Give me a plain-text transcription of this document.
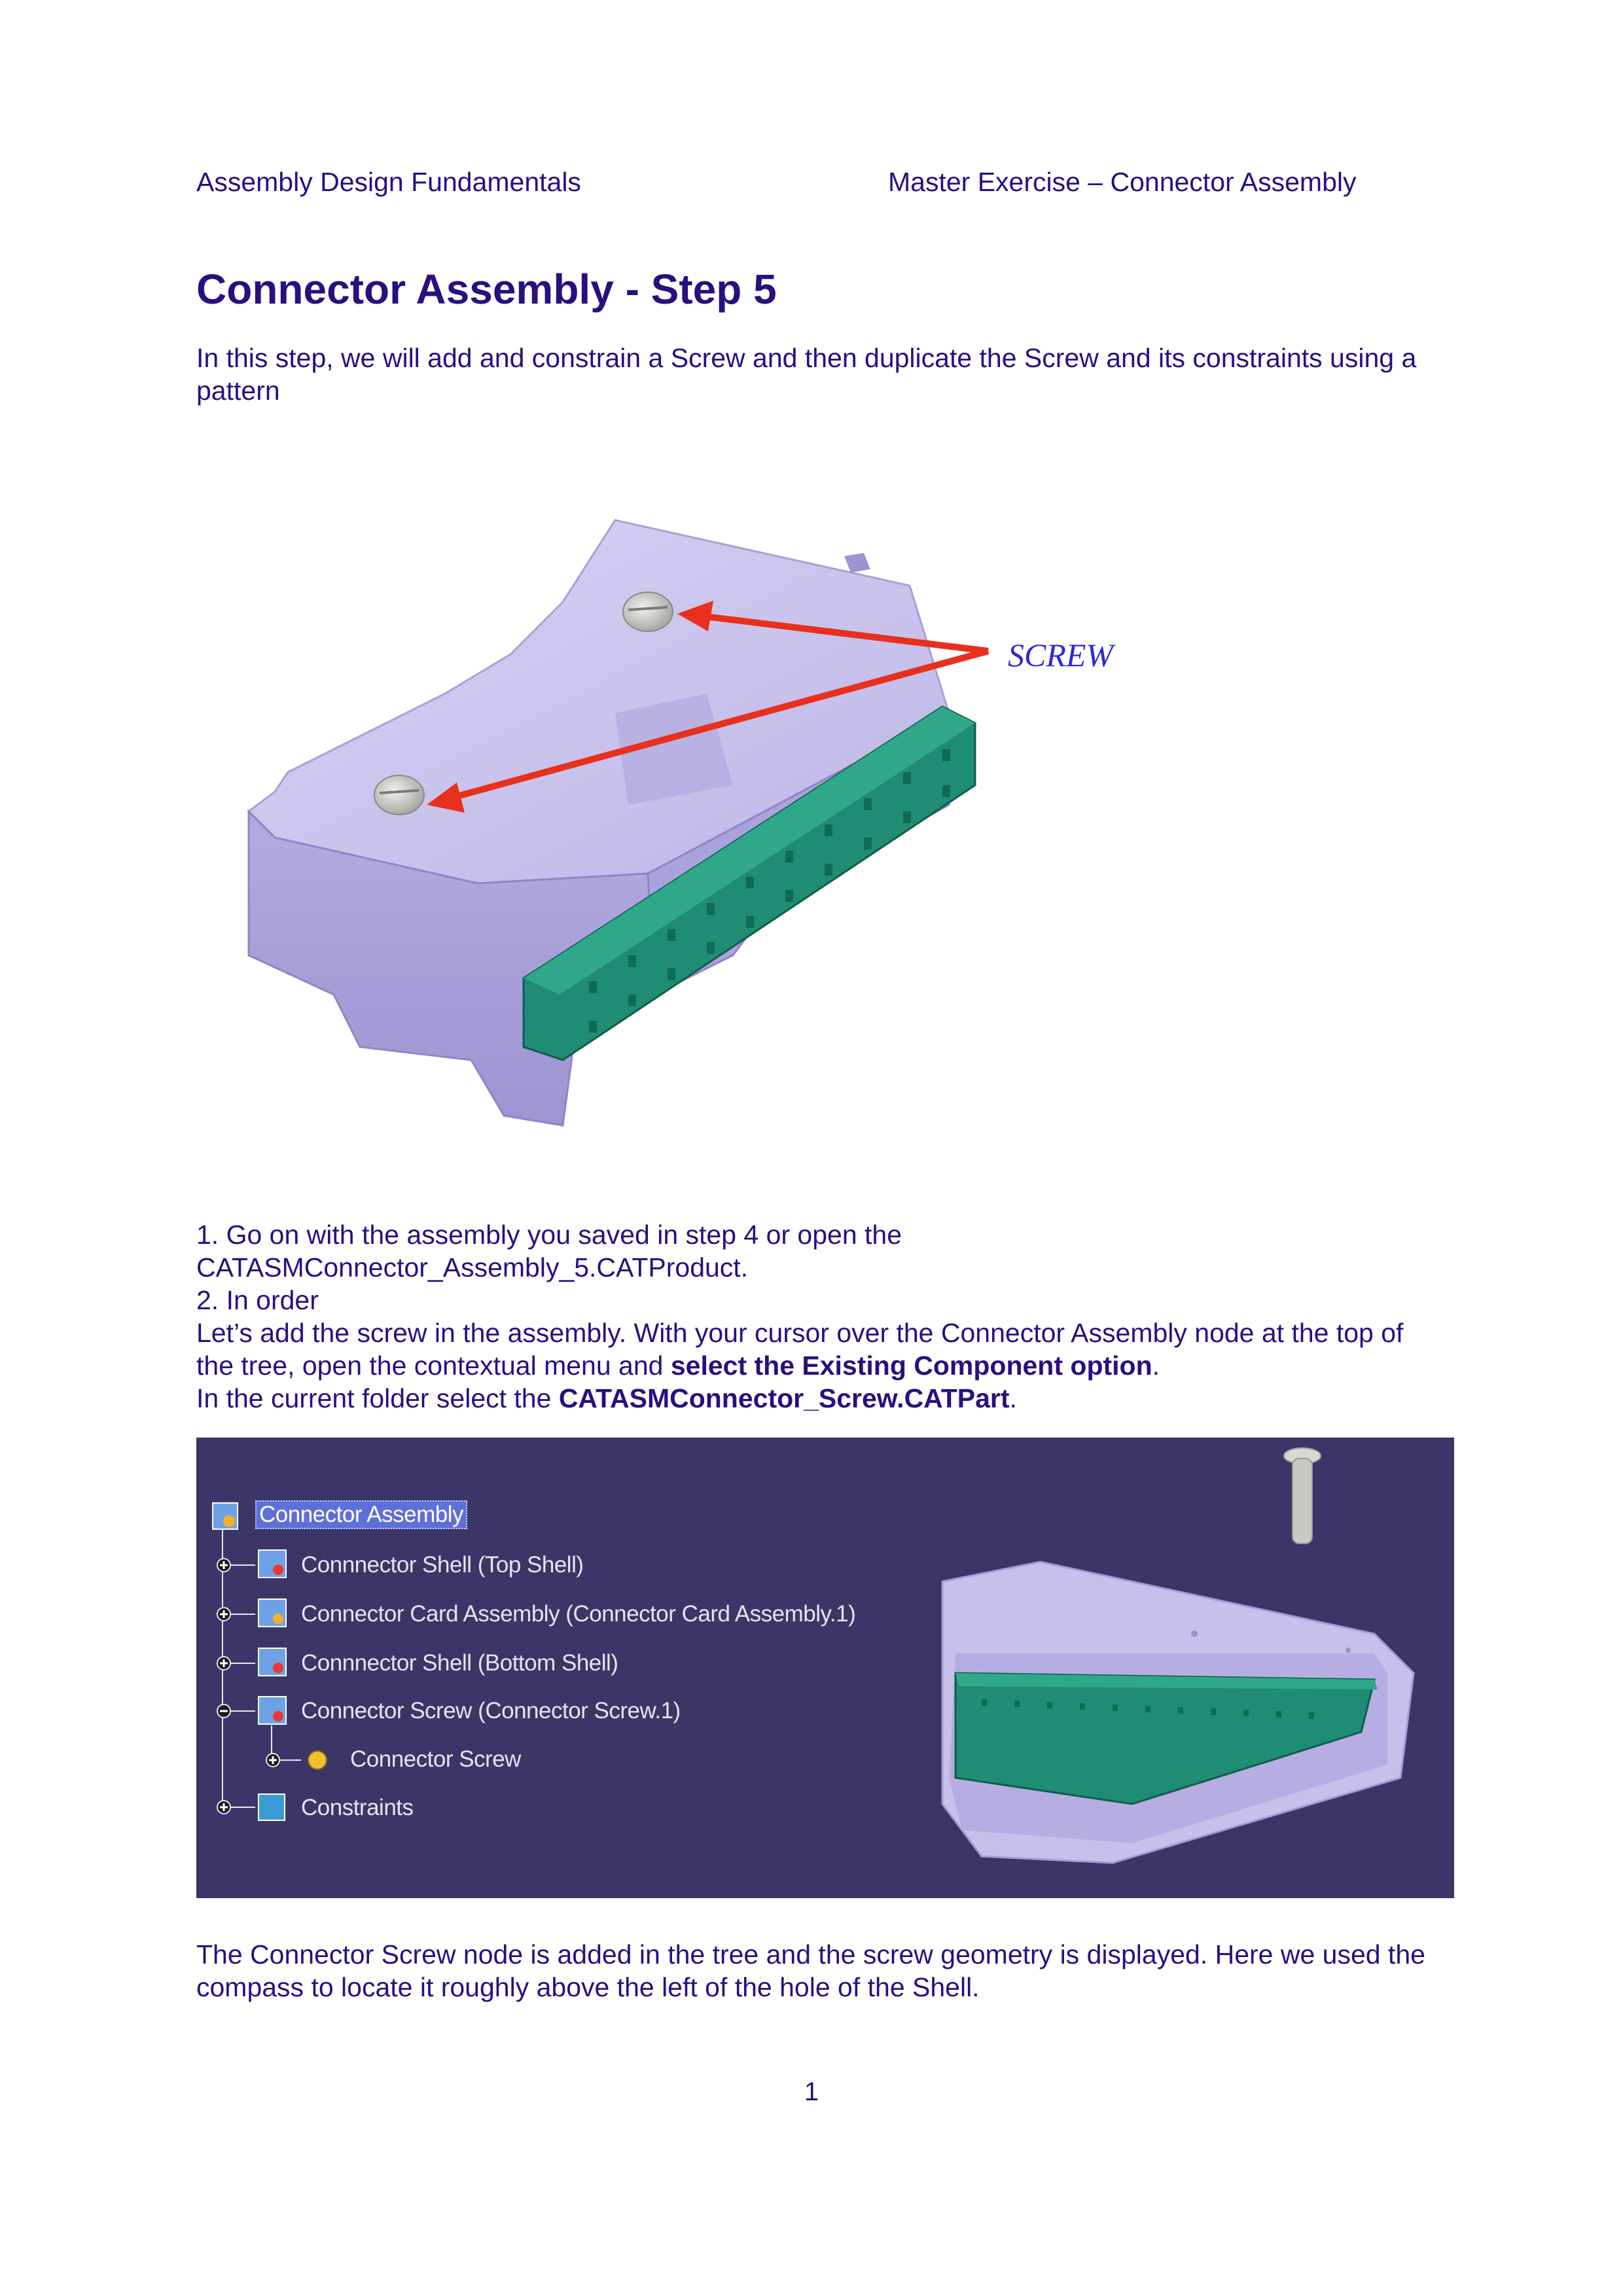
Assembly Design Fundamentals	Master Exercise – Connector Assembly
Connector Assembly - Step 5
In this step, we will add and constrain a Screw and then duplicate the Screw and its constraints using a pattern
SCREW
1. Go on with the assembly you saved in step 4 or open the
CATASMConnector_Assembly_5.CATProduct.
2. In order
Let’s add the screw in the assembly. With your cursor over the Connector Assembly node at the top of
the tree, open the contextual menu and select the Existing Component option.
In the current folder select the CATASMConnector_Screw.CATPart.
Connector Assembly
Connnector Shell (Top Shell)
Connector Card Assembly (Connector Card Assembly.1)
Connnector Shell (Bottom Shell)
Connector Screw (Connector Screw.1)
Connector Screw
Constraints
The Connector Screw node is added in the tree and the screw geometry is displayed. Here we used the compass to locate it roughly above the left of the hole of the Shell.
1
